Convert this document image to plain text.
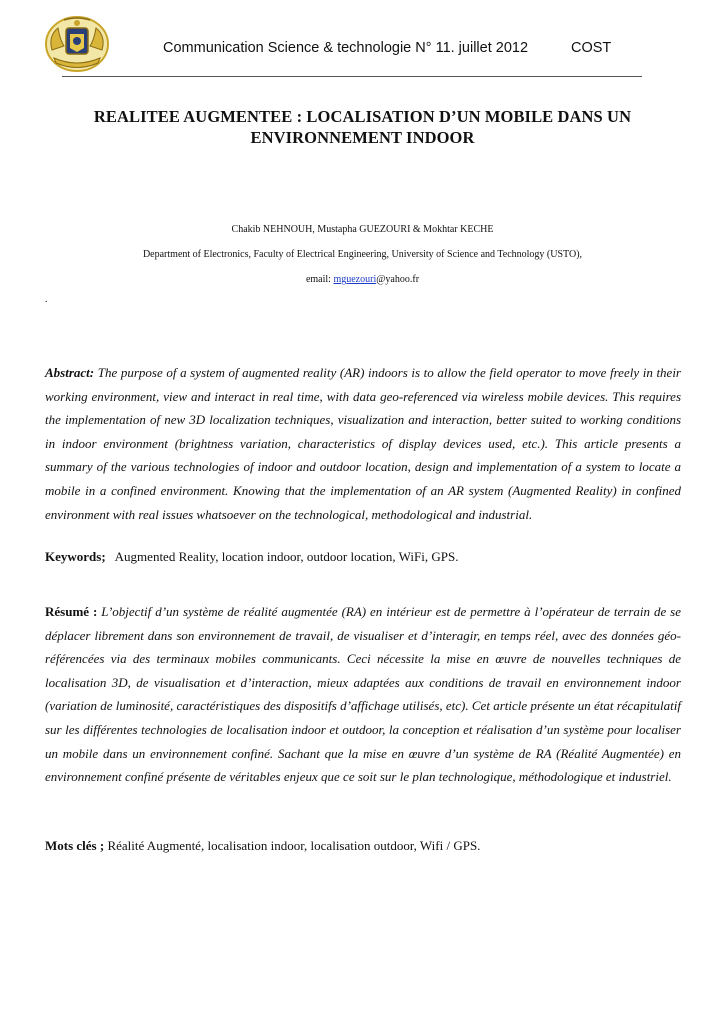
Communication Science & technologie N° 11. juillet 2012	COST
REALITEE AUGMENTEE : LOCALISATION D’UN MOBILE DANS UN
ENVIRONNEMENT INDOOR
Chakib NEHNOUH, Mustapha GUEZOURI & Mokhtar KECHE
Department of Electronics, Faculty of Electrical Engineering, University of Science and Technology (USTO),
email: mguezouri@yahoo.fr
.
Abstract: The purpose of a system of augmented reality (AR) indoors is to allow the field operator to move freely in their working environment, view and interact in real time, with data geo-referenced via wireless mobile devices. This requires the implementation of new 3D localization techniques, visualization and interaction, better suited to working conditions in indoor environment (brightness variation, characteristics of display devices used, etc.). This article presents a summary of the various technologies of indoor and outdoor location, design and implementation of a system to locate a mobile in a confined environment. Knowing that the implementation of an AR system (Augmented Reality) in confined environment with real issues whatsoever on the technological, methodological and industrial.
Keywords; Augmented Reality, location indoor, outdoor location, WiFi, GPS.
Résumé : L’objectif d’un système de réalité augmentée (RA) en intérieur est de permettre à l’opérateur de terrain de se déplacer librement dans son environnement de travail, de visualiser et d’interagir, en temps réel, avec des données géo-référencées via des terminaux mobiles communicants. Ceci nécessite la mise en œuvre de nouvelles techniques de localisation 3D, de visualisation et d’interaction, mieux adaptées aux conditions de travail en environnement indoor (variation de luminosité, caractéristiques des dispositifs d’affichage utilisés, etc). Cet article présente un état récapitulatif sur les différentes technologies de localisation indoor et outdoor, la conception et réalisation d’un système pour localiser un mobile dans un environnement confiné. Sachant que la mise en œuvre d’un système de RA (Réalité Augmentée) en environnement confiné présente de véritables enjeux que ce soit sur le plan technologique, méthodologique et industriel.
Mots clés ; Réalité Augmenté, localisation indoor, localisation outdoor, Wifi / GPS.
